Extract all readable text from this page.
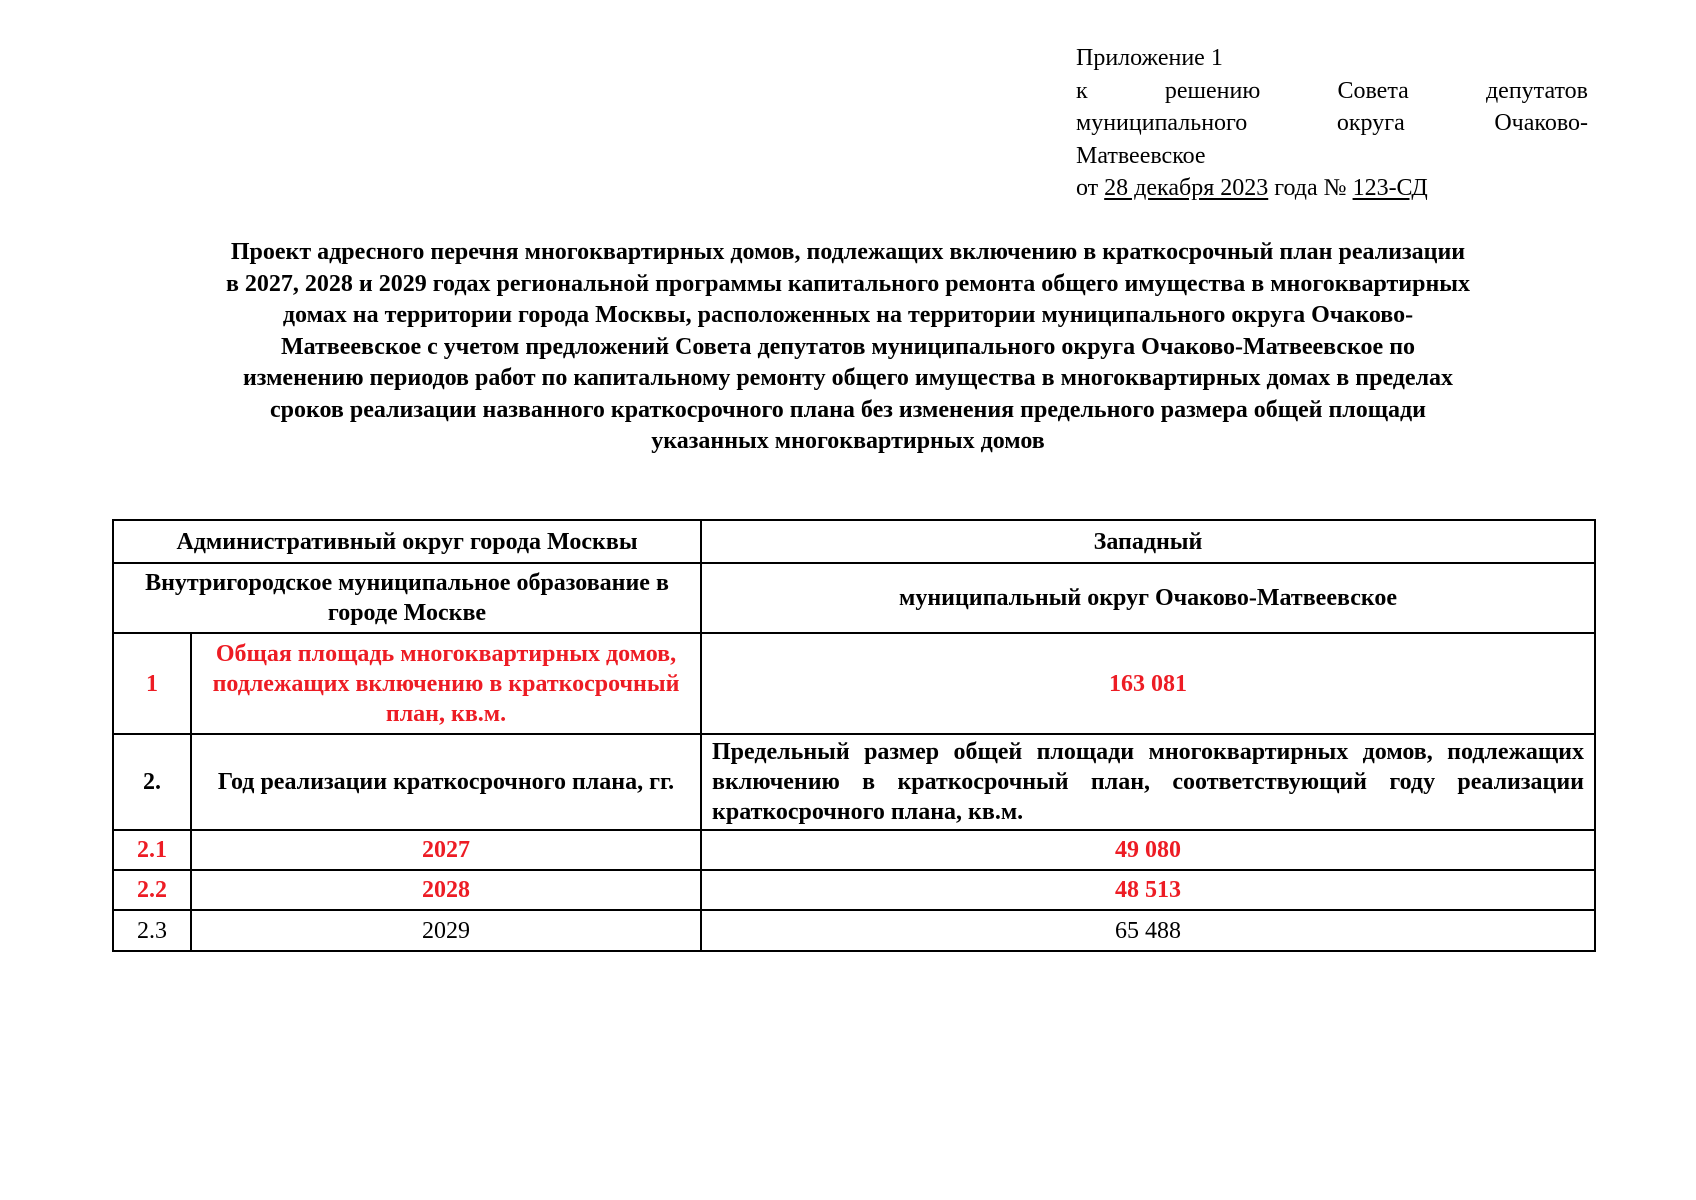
Приложение 1
к решению Совета депутатов
муниципального округа Очаково-
Матвеевское
от 28 декабря 2023 года № 123-СД
Проект адресного перечня многоквартирных домов, подлежащих включению в краткосрочный план реализации
в 2027, 2028 и 2029 годах региональной программы капитального ремонта общего имущества в многоквартирных
домах на территории города Москвы, расположенных на территории муниципального округа Очаково-
Матвеевское с учетом предложений Совета депутатов муниципального округа Очаково-Матвеевское по
изменению периодов работ по капитальному ремонту общего имущества в многоквартирных домах в пределах
сроков реализации названного краткосрочного плана без изменения предельного размера общей площади
указанных многоквартирных домов
Административный округ города Москвы		Западный
Внутригородское муниципальное образование в городе Москве		муниципальный округ Очаково-Матвеевское
1	Общая площадь многоквартирных домов, подлежащих включению в краткосрочный план, кв.м.	163 081
2.	Год реализации краткосрочного плана, гг.	Предельный размер общей площади многоквартирных домов, подлежащих включению в краткосрочный план, соответствующий году реализации краткосрочного плана, кв.м.
2.1	2027	49 080
2.2	2028	48 513
2.3	2029	65 488
